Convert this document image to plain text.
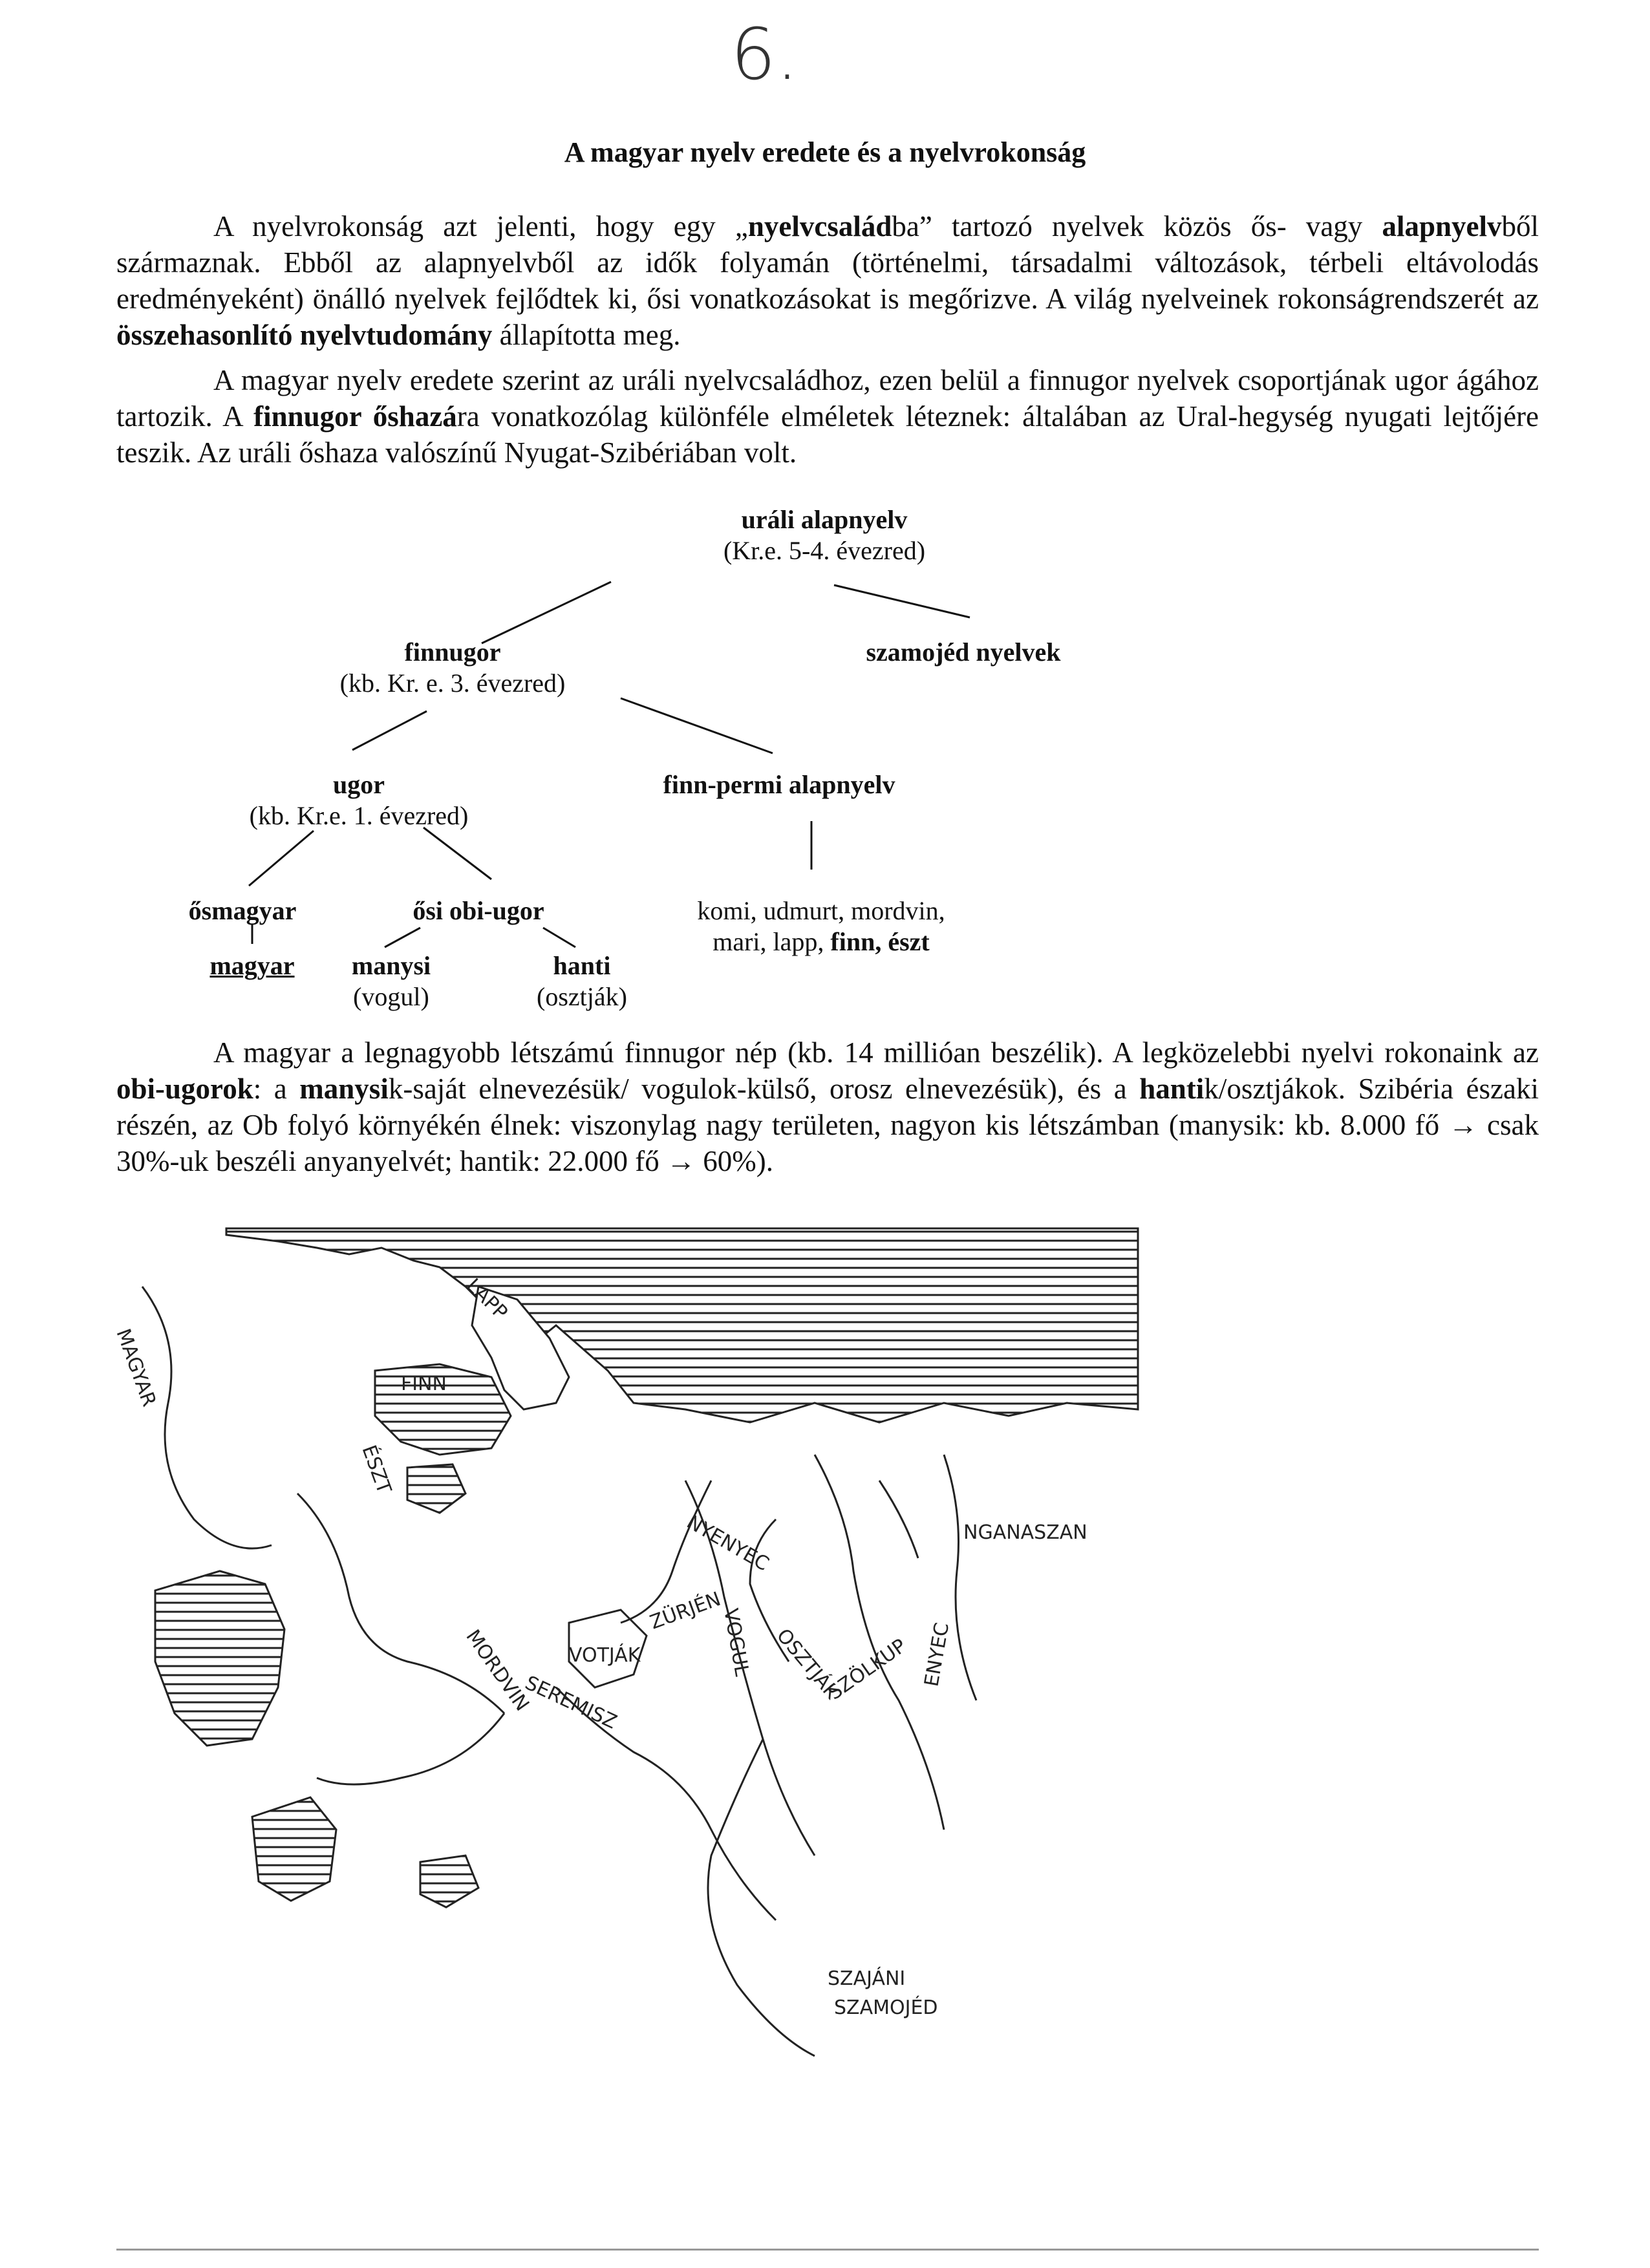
6.
A magyar nyelv eredete és a nyelvrokonság

A nyelvrokonság azt jelenti, hogy egy „nyelvcsaládba” tartozó nyelvek közös ős- vagy alapnyelvből származnak. Ebből az alapnyelvből az idők folyamán (történelmi, társadalmi változások, térbeli eltávolodás eredményeként) önálló nyelvek fejlődtek ki, ősi vonatkozásokat is megőrizve. A világ nyelveinek rokonságrendszerét az összehasonlító nyelvtudomány állapította meg.

A magyar nyelv eredete szerint az uráli nyelvcsaládhoz, ezen belül a finnugor nyelvek csoportjának ugor ágához tartozik. A finnugor őshazára vonatkozólag különféle elméletek léteznek: általában az Ural-hegység nyugati lejtőjére teszik. Az uráli őshaza valószínű Nyugat-Szibériában volt.

uráli alapnyelv
(Kr.e. 5-4. évezred)
finnugor
(kb. Kr. e. 3. évezred)
szamojéd nyelvek
ugor
(kb. Kr.e. 1. évezred)
finn-permi alapnyelv
ősmagyar
magyar
ősi obi-ugor
manysi
(vogul)
hanti
(osztják)
komi, udmurt, mordvin,
mari, lapp, finn, észt

A magyar a legnagyobb létszámú finnugor nép (kb. 14 millióan beszélik). A legközelebbi nyelvi rokonaink az obi-ugorok: a manysik-saját elnevezésük/ vogulok-külső, orosz elnevezésük), és a hantik/osztjákok. Szibéria északi részén, az Ob folyó környékén élnek: viszonylag nagy területen, nagyon kis létszámban (manysik: kb. 8.000 fő → csak 30%-uk beszéli anyanyelvét; hantik: 22.000 fő → 60%).

MAGYAR
LAPP
FINN
ÉSZT
NYENYEC	NGANASZAN
ENYEC
VOTJÁK
ZÜRJÉN
VOGUL OSZTJÁK
SZÖLKUP
MORDVIN
SEREMISZ
SZAJÁNI
SZAMOJÉD
